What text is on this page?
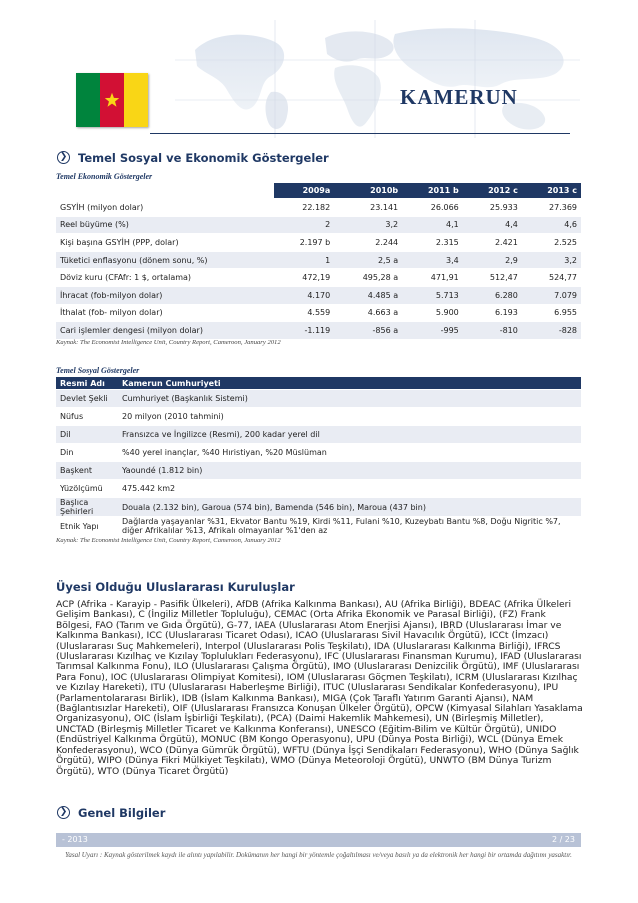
KAMERUN
❯ Temel Sosyal ve Ekonomik Göstergeler
Temel Ekonomik Göstergeler
	2009a	2010b	2011 b	2012 c	2013 c
GSYİH (milyon dolar)	22.182	23.141	26.066	25.933	27.369
Reel büyüme (%)	2	3,2	4,1	4,4	4,6
Kişi başına GSYİH (PPP, dolar)	2.197 b	2.244	2.315	2.421	2.525
Tüketici enflasyonu (dönem sonu, %)	1	2,5 a	3,4	2,9	3,2
Döviz kuru (CFAfr: 1 $, ortalama)	472,19	495,28 a	471,91	512,47	524,77
İhracat (fob-milyon dolar)	4.170	4.485 a	5.713	6.280	7.079
İthalat (fob- milyon dolar)	4.559	4.663 a	5.900	6.193	6.955
Cari işlemler dengesi (milyon dolar)	-1.119	-856 a	-995	-810	-828
Kaynak: The Economist Intelligence Unit, Country Report, Cameroon, January 2012
Temel Sosyal Göstergeler
Resmi Adı	Kamerun Cumhuriyeti
Devlet Şekli	Cumhuriyet (Başkanlık Sistemi)
Nüfus	20 milyon (2010 tahmini)
Dil	Fransızca ve İngilizce (Resmi), 200 kadar yerel dil
Din	%40 yerel inançlar, %40 Hıristiyan, %20 Müslüman
Başkent	Yaoundé (1.812 bin)
Yüzölçümü	475.442 km2
Başlıca Şehirleri	Douala (2.132 bin), Garoua (574 bin), Bamenda (546 bin), Maroua (437 bin)
Etnik Yapı	Dağlarda yaşayanlar %31, Ekvator Bantu %19, Kirdi %11, Fulani %10, Kuzeybatı Bantu %8, Doğu Nigritic %7, diğer Afrikalılar %13, Afrikalı olmayanlar %1'den az
Kaynak: The Economist Intelligence Unit, Country Report, Cameroon, January 2012
Üyesi Olduğu Uluslararası Kuruluşlar
ACP (Afrika - Karayip - Pasifik Ülkeleri), AfDB (Afrika Kalkınma Bankası), AU (Afrika Birliği), BDEAC (Afrika Ülkeleri Gelişim Bankası), C (İngiliz Milletler Topluluğu), CEMAC (Orta Afrika Ekonomik ve Parasal Birliği), (FZ) Frank Bölgesi, FAO (Tarım ve Gıda Örgütü), G-77, IAEA (Uluslararası Atom Enerjisi Ajansı), IBRD (Uluslararası İmar ve Kalkınma Bankası), ICC (Uluslararası Ticaret Odası), ICAO (Uluslararası Sivil Havacılık Örgütü), ICCt (İmzacı) (Uluslararası Suç Mahkemeleri), Interpol (Uluslararası Polis Teşkilatı), IDA (Uluslararası Kalkınma Birliği), IFRCS (Uluslararası Kızılhaç ve Kızılay Toplulukları Federasyonu), IFC (Uluslararası Finansman Kurumu), IFAD (Uluslararası Tarımsal Kalkınma Fonu), ILO (Uluslararası Çalışma Örgütü), IMO (Uluslararası Denizcilik Örgütü), IMF (Uluslararası Para Fonu), IOC (Uluslararası Olimpiyat Komitesi), IOM (Uluslararası Göçmen Teşkilatı), ICRM (Uluslararası Kızılhaç ve Kızılay Hareketi), ITU (Uluslararası Haberleşme Birliği), ITUC (Uluslararası Sendikalar Konfederasyonu), IPU (Parlamentolararası Birlik), IDB (İslam Kalkınma Bankası), MIGA (Çok Taraflı Yatırım Garanti Ajansı), NAM (Bağlantısızlar Hareketi), OIF (Uluslararası Fransızca Konuşan Ülkeler Örgütü), OPCW (Kimyasal Silahları Yasaklama Organizasyonu), OIC (İslam İşbirliği Teşkilatı), (PCA) (Daimi Hakemlik Mahkemesi), UN (Birleşmiş Milletler), UNCTAD (Birleşmiş Milletler Ticaret ve Kalkınma Konferansı), UNESCO (Eğitim-Bilim ve Kültür Örgütü), UNIDO (Endüstriyel Kalkınma Örgütü), MONUC (BM Kongo Operasyonu), UPU (Dünya Posta Birliği), WCL (Dünya Emek Konfederasyonu), WCO (Dünya Gümrük Örgütü), WFTU (Dünya İşçi Sendikaları Federasyonu), WHO (Dünya Sağlık Örgütü), WIPO (Dünya Fikri Mülkiyet Teşkilatı), WMO (Dünya Meteoroloji Örgütü), UNWTO (BM Dünya Turizm Örgütü), WTO (Dünya Ticaret Örgütü)
❯ Genel Bilgiler
- 2013	2 / 23
Yasal Uyarı : Kaynak gösterilmek kaydı ile alıntı yapılabilir. Dokümanın her hangi bir yöntemle çoğaltılması ve/veya basılı ya da elektronik her hangi bir ortamda dağıtımı yasaktır.
